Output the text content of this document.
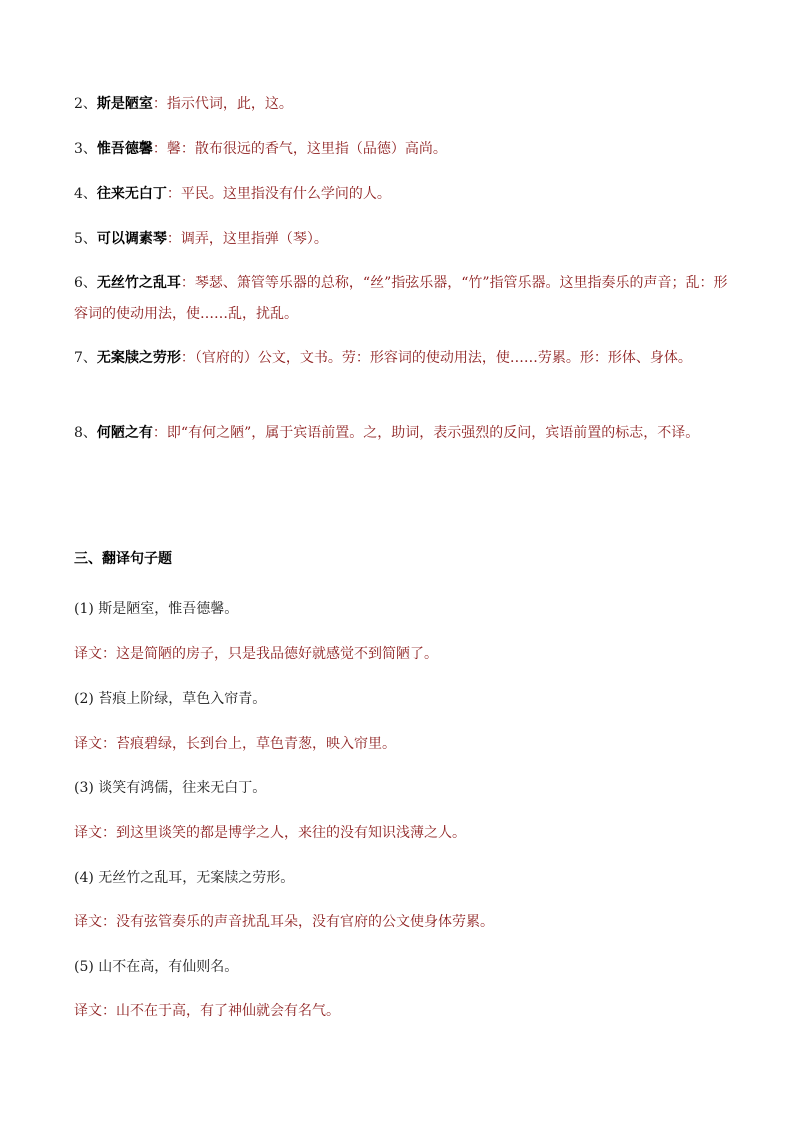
2、斯是陋室：指示代词，此，这。
3、惟吾德馨：馨：散布很远的香气，这里指（品德）高尚。
4、往来无白丁：平民。这里指没有什么学问的人。
5、可以调素琴：调弄，这里指弹（琴）。
6、无丝竹之乱耳：琴瑟、箫管等乐器的总称，“丝”指弦乐器，“竹”指管乐器。这里指奏乐的声音；乱：形容词的使动用法，使……乱，扰乱。
7、无案牍之劳形：（官府的）公文，文书。劳：形容词的使动用法，使……劳累。形：形体、身体。
8、何陋之有：即“有何之陋”，属于宾语前置。之，助词，表示强烈的反问，宾语前置的标志，不译。
三、翻译句子题
(1) 斯是陋室，惟吾德馨。
译文：这是简陋的房子，只是我品德好就感觉不到简陋了。
(2) 苔痕上阶绿，草色入帘青。
译文：苔痕碧绿，长到台上，草色青葱，映入帘里。
(3) 谈笑有鸿儒，往来无白丁。
译文：到这里谈笑的都是博学之人，来往的没有知识浅薄之人。
(4) 无丝竹之乱耳，无案牍之劳形。
译文：没有弦管奏乐的声音扰乱耳朵，没有官府的公文使身体劳累。
(5) 山不在高，有仙则名。
译文：山不在于高，有了神仙就会有名气。
